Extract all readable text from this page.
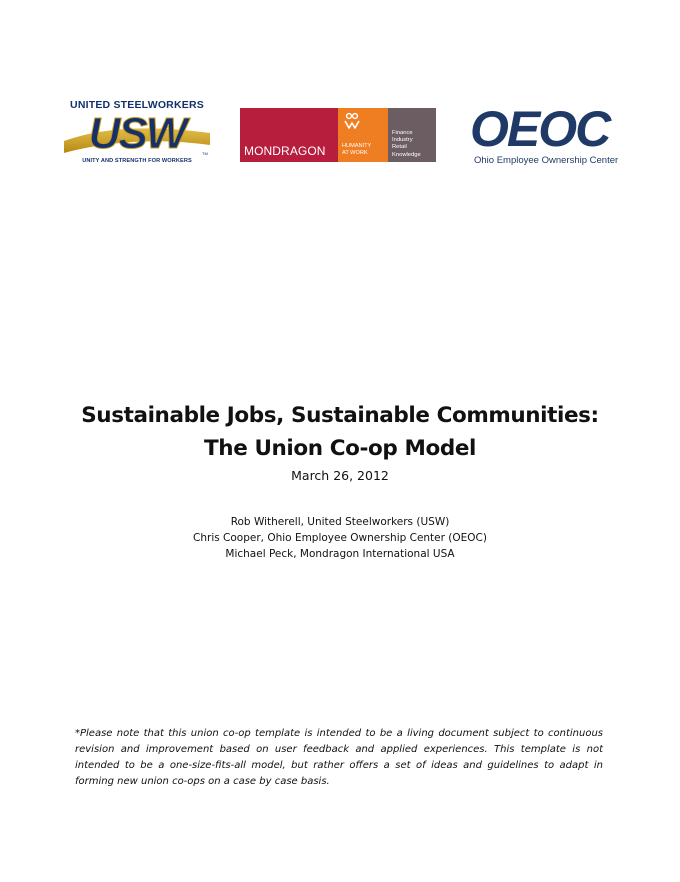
UNITED STEELWORKERS
USW	TM
UNITY AND STRENGTH FOR WORKERS
MONDRAGON	HUMANITY
AT WORK
Finance
Industry
Retail
Knowledge OEOC
Ohio Employee Ownership Center
Sustainable Jobs, Sustainable Communities:
The Union Co-op Model
March 26, 2012
Rob Witherell, United Steelworkers (USW)
Chris Cooper, Ohio Employee Ownership Center (OEOC)
Michael Peck, Mondragon International USA
*Please note that this union co-op template is intended to be a living document subject to continuous revision and improvement based on user feedback and applied experiences. This template is not intended to be a one-size-fits-all model, but rather offers a set of ideas and guidelines to adapt in forming new union co-ops on a case by case basis.
